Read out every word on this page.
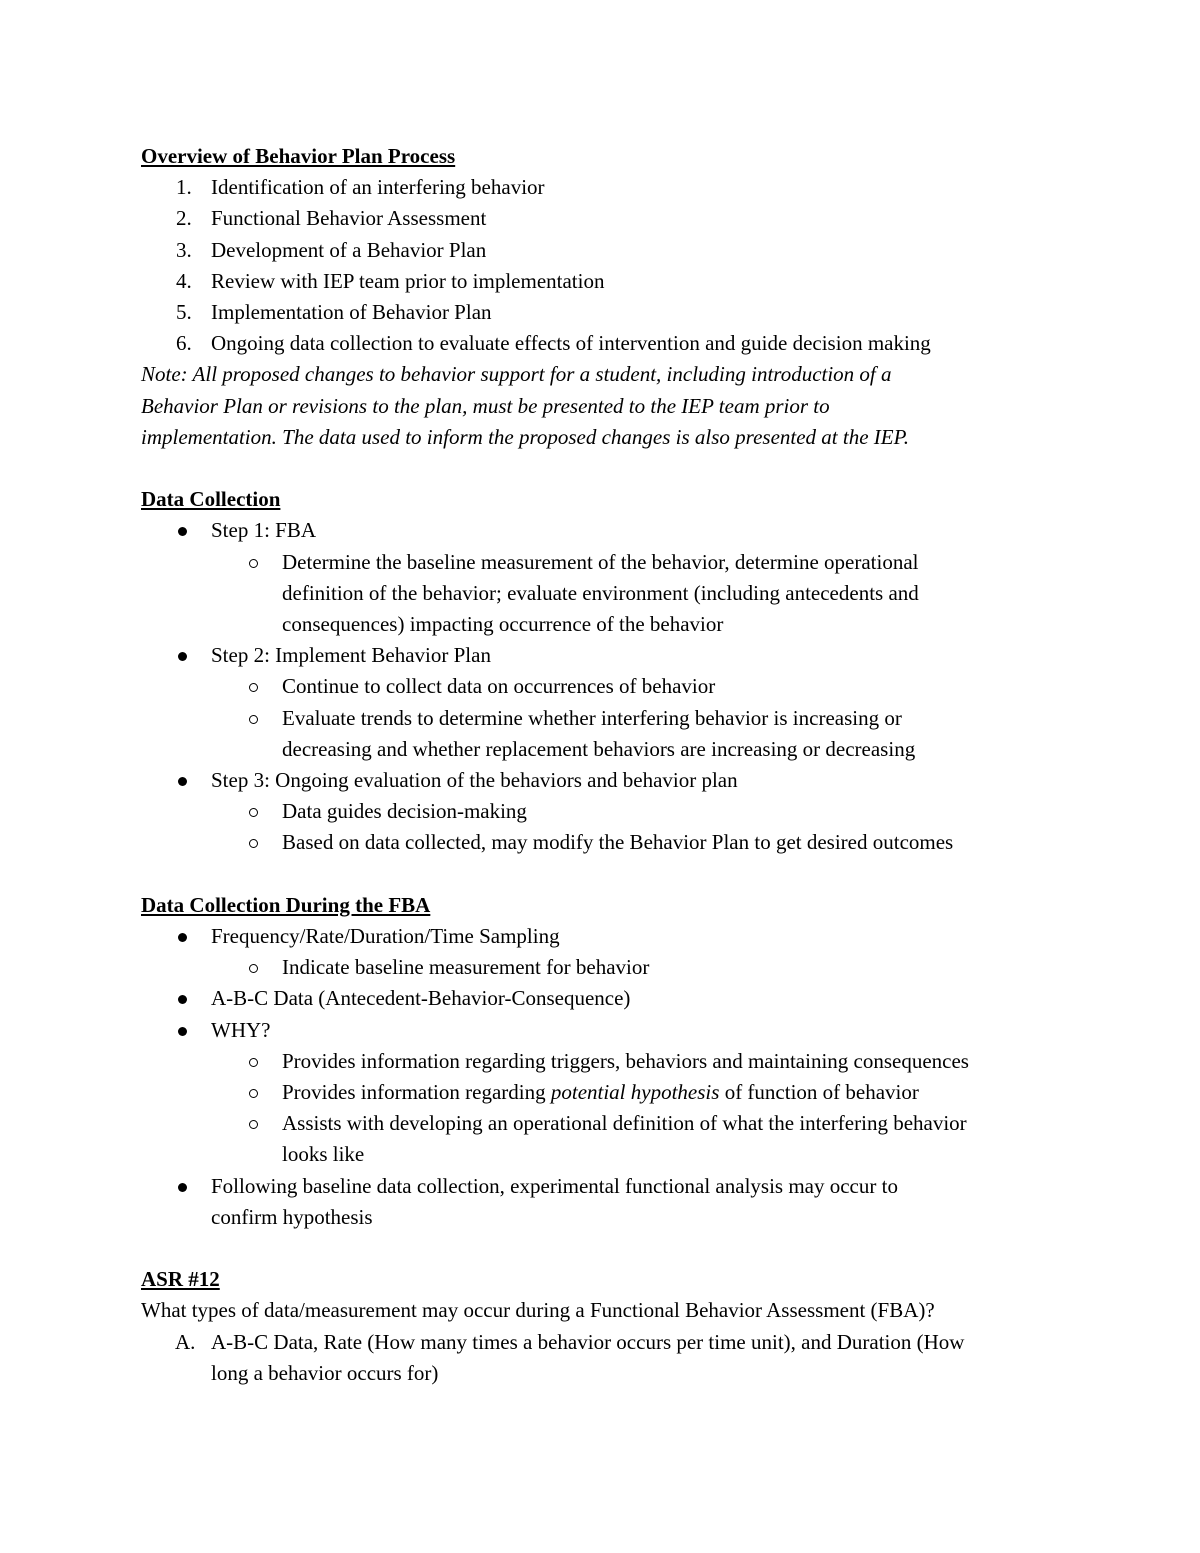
Overview of Behavior Plan Process

1. Identification of an interfering behavior

2. Functional Behavior Assessment

3. Development of a Behavior Plan

4. Review with IEP team prior to implementation

5. Implementation of Behavior Plan

6. Ongoing data collection to evaluate effects of intervention and guide decision making

Note: All proposed changes to behavior support for a student, including introduction of a

Behavior Plan or revisions to the plan, must be presented to the IEP team prior to

implementation. The data used to inform the proposed changes is also presented at the IEP.

Data Collection

Step 1: FBA

Determine the baseline measurement of the behavior, determine operational

definition of the behavior; evaluate environment (including antecedents and

consequences) impacting occurrence of the behavior

Step 2: Implement Behavior Plan

Continue to collect data on occurrences of behavior

Evaluate trends to determine whether interfering behavior is increasing or

decreasing and whether replacement behaviors are increasing or decreasing

Step 3: Ongoing evaluation of the behaviors and behavior plan

Data guides decision-making

Based on data collected, may modify the Behavior Plan to get desired outcomes

Data Collection During the FBA

Frequency/Rate/Duration/Time Sampling

Indicate baseline measurement for behavior

A-B-C Data (Antecedent-Behavior-Consequence)

WHY?

Provides information regarding triggers, behaviors and maintaining consequences

Provides information regarding potential hypothesis of function of behavior

Assists with developing an operational definition of what the interfering behavior

looks like

Following baseline data collection, experimental functional analysis may occur to

confirm hypothesis

ASR #12

What types of data/measurement may occur during a Functional Behavior Assessment (FBA)?

A. A-B-C Data, Rate (How many times a behavior occurs per time unit), and Duration (How

long a behavior occurs for)
